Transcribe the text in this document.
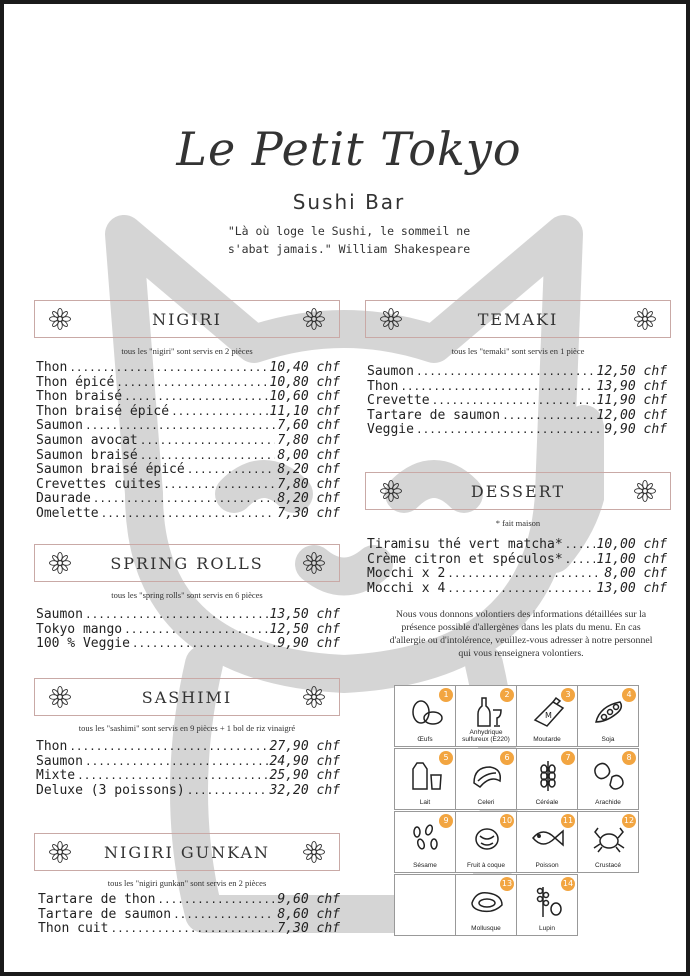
Le Petit Tokyo
Sushi Bar
"Là où loge le Sushi, le sommeil ne
s'abat jamais." William Shakespeare
NIGIRI
tous les "nigiri" sont servis en 2 pièces
Thon .....	10,40 chf
Thon épicé .....	10,80 chf
Thon braisé .....	10,60 chf
Thon braisé épicé .....	11,10 chf
Saumon .....	7,60 chf
Saumon avocat .....	7,80 chf
Saumon braisé .....	8,00 chf
Saumon braisé épicé .....	8,20 chf
Crevettes cuites .....	7,80 chf
Daurade .....	8,20 chf
Omelette .....	7,30 chf
SPRING ROLLS
tous les "spring rolls" sont servis en 6 pièces
Saumon .....	13,50 chf
Tokyo mango .....	12,50 chf
100 % Veggie .....	9,90 chf
SASHIMI
tous les "sashimi" sont servis en 9 pièces + 1 bol de riz vinaigré
Thon .....	27,90 chf
Saumon .....	24,90 chf
Mixte .....	25,90 chf
Deluxe (3 poissons) .....	32,20 chf
NIGIRI GUNKAN
tous les "nigiri gunkan" sont servis en 2 pièces
Tartare de thon .....	9,60 chf
Tartare de saumon .....	8,60 chf
Thon cuit .....	7,30 chf
TEMAKI
tous les "temaki" sont servis en 1 pièce
Saumon .....	12,50 chf
Thon .....	13,90 chf
Crevette .....	11,90 chf
Tartare de saumon .....	12,00 chf
Veggie .....	9,90 chf
DESSERT
* fait maison
Tiramisu thé vert matcha* .....	10,00 chf
Crème citron et spéculos* .....	11,00 chf
Mocchi x 2 .....	8,00 chf
Mocchi x 4 .....	13,00 chf
Nous vous donnons volontiers des informations détaillées sur la présence possible d'allergènes dans les plats du menu. En cas d'allergie ou d'intolérence, veuillez-vous adresser à notre personnel qui vous renseignera volontiers.
1
Œufs
2
Anhydrique sulfureux (E220)
3
M
Moutarde
4
Soja
5
Lait
6
Celeri
7
Céréale
8
Arachide
9
Sésame
10
Fruit à coque
11
Poisson
12
Crustacé
13
Mollusque
14
Lupin
